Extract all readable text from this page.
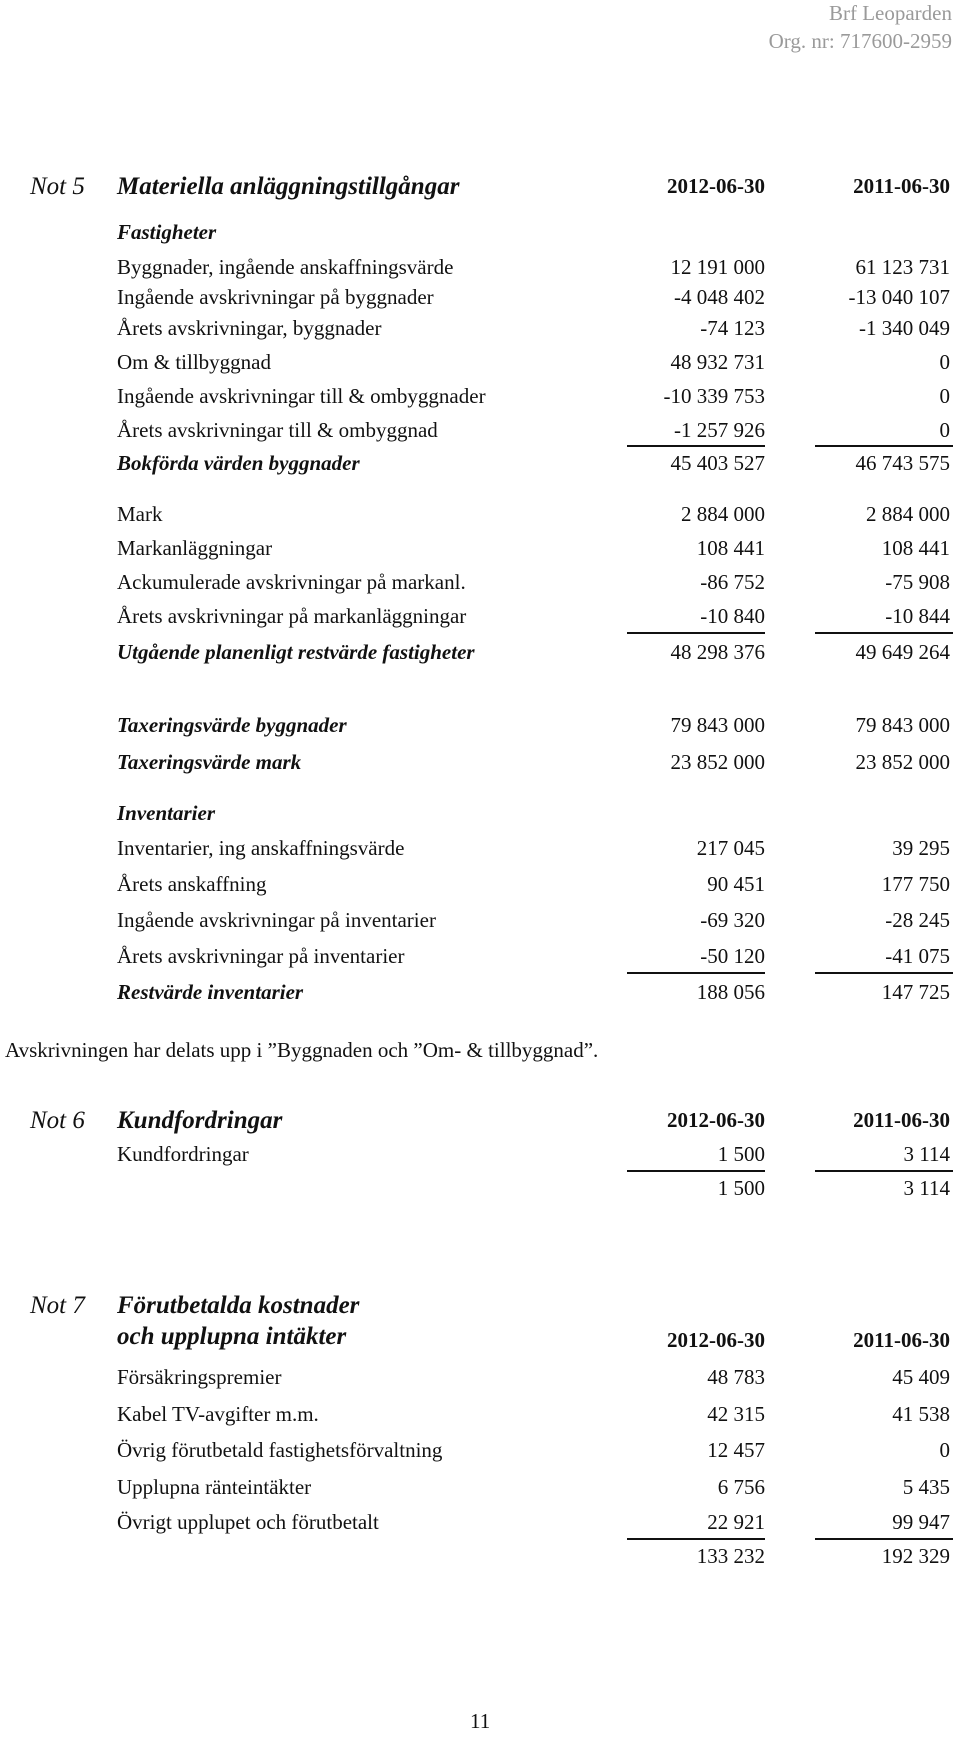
Brf Leoparden
Org. nr: 717600-2959
Not 5 Materiella anläggningstillgångar	2012-06-30	2011-06-30
Fastigheter
Byggnader, ingående anskaffningsvärde	12 191 000	61 123 731
Ingående avskrivningar på byggnader	-4 048 402	-13 040 107
Årets avskrivningar, byggnader	-74 123	-1 340 049
Om & tillbyggnad	48 932 731	0
Ingående avskrivningar till & ombyggnader	-10 339 753	0
Årets avskrivningar till & ombyggnad	-1 257 926	0
Bokförda värden byggnader	45 403 527	46 743 575
Mark	2 884 000	2 884 000
Markanläggningar	108 441	108 441
Ackumulerade avskrivningar på markanl.	-86 752	-75 908
Årets avskrivningar på markanläggningar	-10 840	-10 844
Utgående planenligt restvärde fastigheter	48 298 376	49 649 264
Taxeringsvärde byggnader	79 843 000	79 843 000
Taxeringsvärde mark	23 852 000	23 852 000
Inventarier
Inventarier, ing anskaffningsvärde	217 045	39 295
Årets anskaffning	90 451	177 750
Ingående avskrivningar på inventarier	-69 320	-28 245
Årets avskrivningar på inventarier	-50 120	-41 075
Restvärde inventarier	188 056	147 725
Avskrivningen har delats upp i ”Byggnaden och ”Om- & tillbyggnad”.
Not 6 Kundfordringar	2012-06-30	2011-06-30
Kundfordringar	1 500	3 114
1 500	3 114
Not 7 Förutbetalda kostnader
och upplupna intäkter	2012-06-30	2011-06-30
Försäkringspremier	48 783	45 409
Kabel TV-avgifter m.m.	42 315	41 538
Övrig förutbetald fastighetsförvaltning	12 457	0
Upplupna ränteintäkter	6 756	5 435
Övrigt upplupet och förutbetalt	22 921	99 947
133 232	192 329
11
